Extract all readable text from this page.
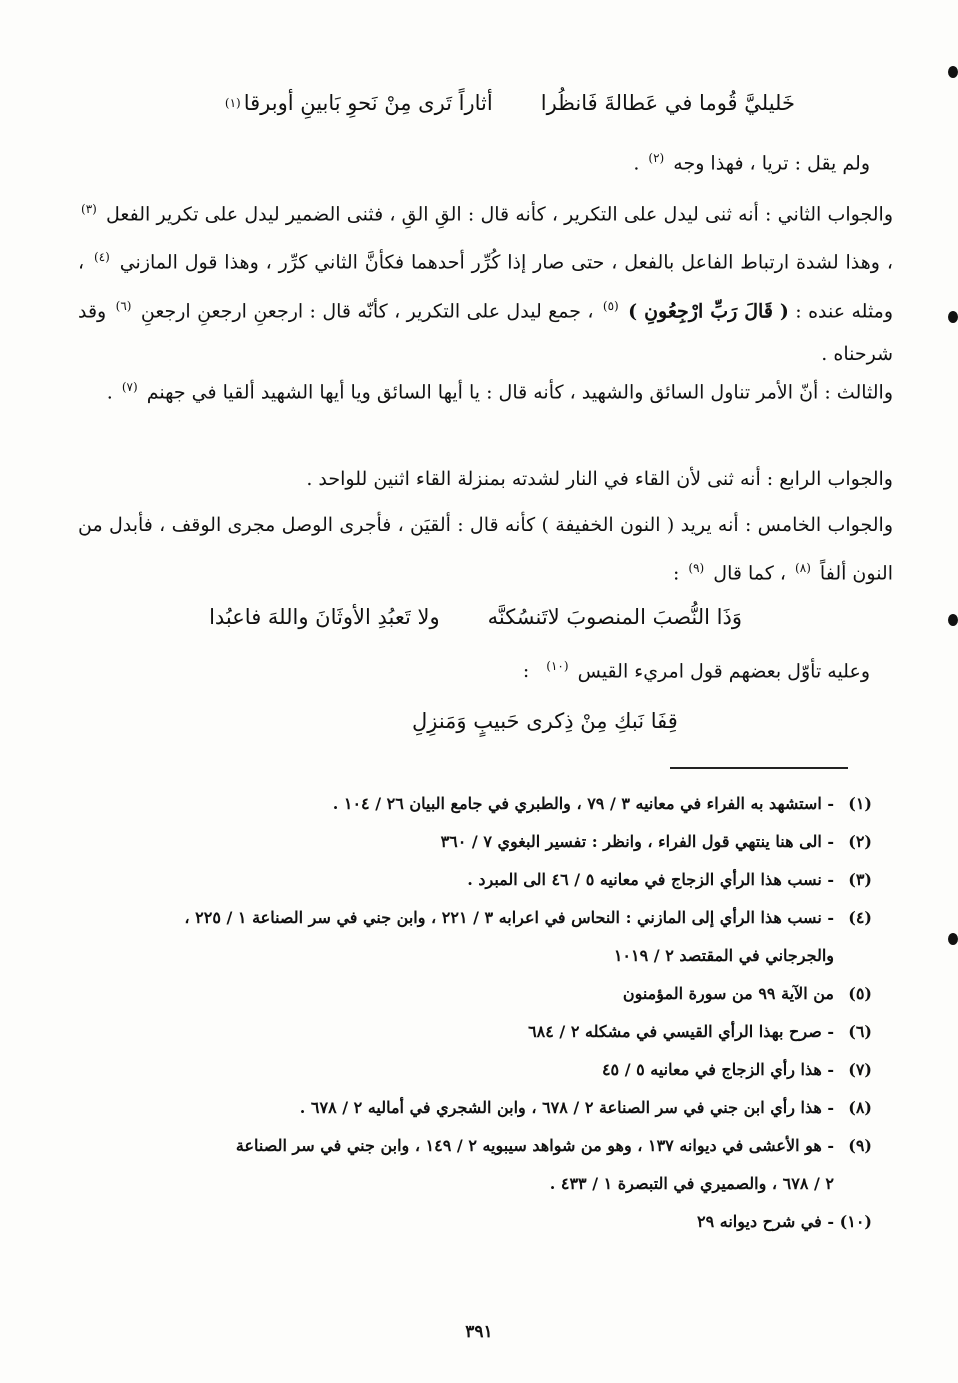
خَليليَّ قُوما في عَطالةَ فَانظُرا
أثاراً تَرى مِنْ نَحوِ بَابينِ أوبرقا
(١)
ولم يقل : تريا ، فهذا وجه $^{(٢)}$ .
والجواب الثاني : أنه ثنى ليدل على التكرير ، كأنه قال : القِ القِ ، فثنى الضمير ليدل على تكرير الفعل $^{(٣)}$ ، وهذا لشدة ارتباط الفاعل بالفعل ، حتى صار إذا كُرِّر أحدهما فكأنَّ الثاني كرِّر ، وهذا قول المازني $^{(٤)}$ ، ومثله عنده : ( قَالَ رَبِّ ارْجِعُونِ ) $^{(٥)}$ ، جمع ليدل على التكرير ، كأنّه قال : ارجعنِ ارجعنِ ارجعنِ $^{(٦)}$ وقد شرحناه .
والثالث : أنّ الأمر تناول السائق والشهيد ، كأنه قال : يا أيها السائق ويا أيها الشهيد ألقيا في جهنم $^{(٧)}$ .
والجواب الرابع : أنه ثنى لأن القاء في النار لشدته بمنزلة القاء اثنين للواحد .
والجواب الخامس : أنه يريد ( النون الخفيفة ) كأنه قال : ألقيَن ، فأجرى الوصل مجرى الوقف ، فأبدل من النون ألفاً $^{(٨)}$ ، كما قال $^{(٩)}$ :
وَذَا النُّصبَ المنصوبَ لاتَنسُكنَّه
ولا تَعبُدِ الأوثَانَ واللهَ فاعبُدا
وعليه تأوّل بعضهم قول امريء القيس $^{(١٠)}$ :
قِفَا نَبكِ مِنْ ذِكرى حَبيبٍ وَمَنزِلِ
(١)- استشهد به الفراء في معانيه ٣ / ٧٩ ، والطبري في جامع البيان ٢٦ / ١٠٤ .
(٢)- الى هنا ينتهي قول الفراء ، وانظر : تفسير البغوي ٧ / ٣٦٠
(٣)- نسب هذا الرأي الزجاج في معانيه ٥ / ٤٦ الى المبرد .
(٤)- نسب هذا الرأي إلى المازني : النحاس في اعرابه ٣ / ٢٢١ ، وابن جني في سر الصناعة ١ / ٢٢٥ ،
والجرجاني في المقتصد ٢ / ١٠١٩
(٥)من الآية ٩٩ من سورة المؤمنون
(٦)- صرح بهذا الرأي القيسي في مشكله ٢ / ٦٨٤
(٧)- هذا رأي الزجاج في معانيه ٥ / ٤٥
(٨)- هذا رأي ابن جني في سر الصناعة ٢ / ٦٧٨ ، وابن الشجري في أماليه ٢ / ٦٧٨ .
(٩)- هو الأعشى في ديوانه ١٣٧ ، وهو من شواهد سيبويه ٢ / ١٤٩ ، وابن جني في سر الصناعة
٢ / ٦٧٨ ، والصميري في التبصرة ١ / ٤٣٣ .
(١٠)- في شرح ديوانه ٢٩
٣٩١
